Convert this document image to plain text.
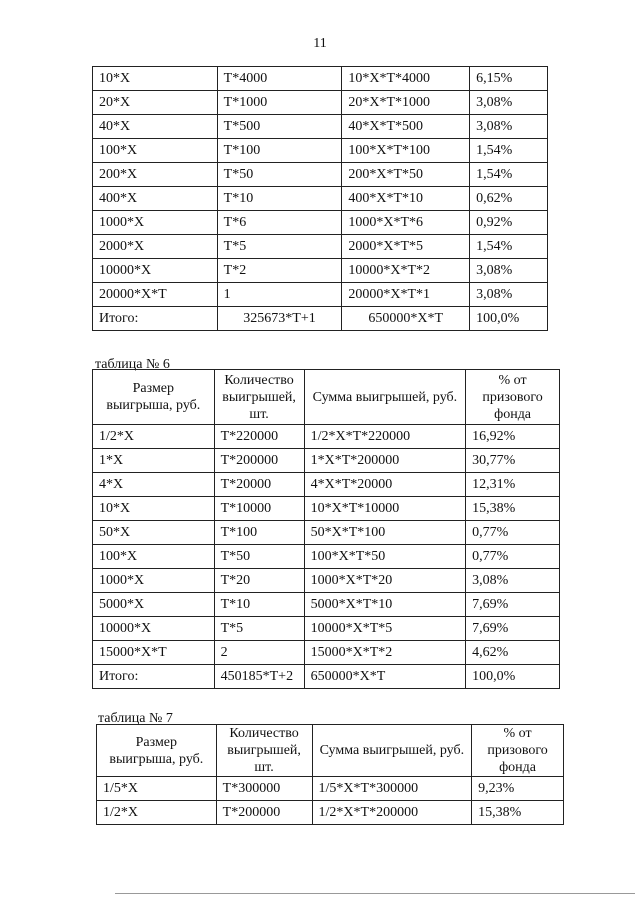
11
10*X	T*4000	10*X*T*4000	6,15%
20*X	T*1000	20*X*T*1000	3,08%
40*X	T*500	40*X*T*500	3,08%
100*X	T*100	100*X*T*100	1,54%
200*X	T*50	200*X*T*50	1,54%
400*X	T*10	400*X*T*10	0,62%
1000*X	T*6	1000*X*T*6	0,92%
2000*X	T*5	2000*X*T*5	1,54%
10000*X	T*2	10000*X*T*2	3,08%
20000*X*T	1	20000*X*T*1	3,08%
Итого:	325673*T+1	650000*X*T	100,0%
таблица № 6
Размер выигрыша, руб.	Количество выигрышей, шт.	Сумма выигрышей, руб.	% от призового фонда
1/2*X	T*220000	1/2*X*T*220000	16,92%
1*X	T*200000	1*X*T*200000	30,77%
4*X	T*20000	4*X*T*20000	12,31%
10*X	T*10000	10*X*T*10000	15,38%
50*X	T*100	50*X*T*100	0,77%
100*X	T*50	100*X*T*50	0,77%
1000*X	T*20	1000*X*T*20	3,08%
5000*X	T*10	5000*X*T*10	7,69%
10000*X	T*5	10000*X*T*5	7,69%
15000*X*T	2	15000*X*T*2	4,62%
Итого:	450185*T+2	650000*X*T	100,0%
таблица № 7
Размер выигрыша, руб.	Количество выигрышей, шт.	Сумма выигрышей, руб.	% от призового фонда
1/5*X	T*300000	1/5*X*T*300000	9,23%
1/2*X	T*200000	1/2*X*T*200000	15,38%
